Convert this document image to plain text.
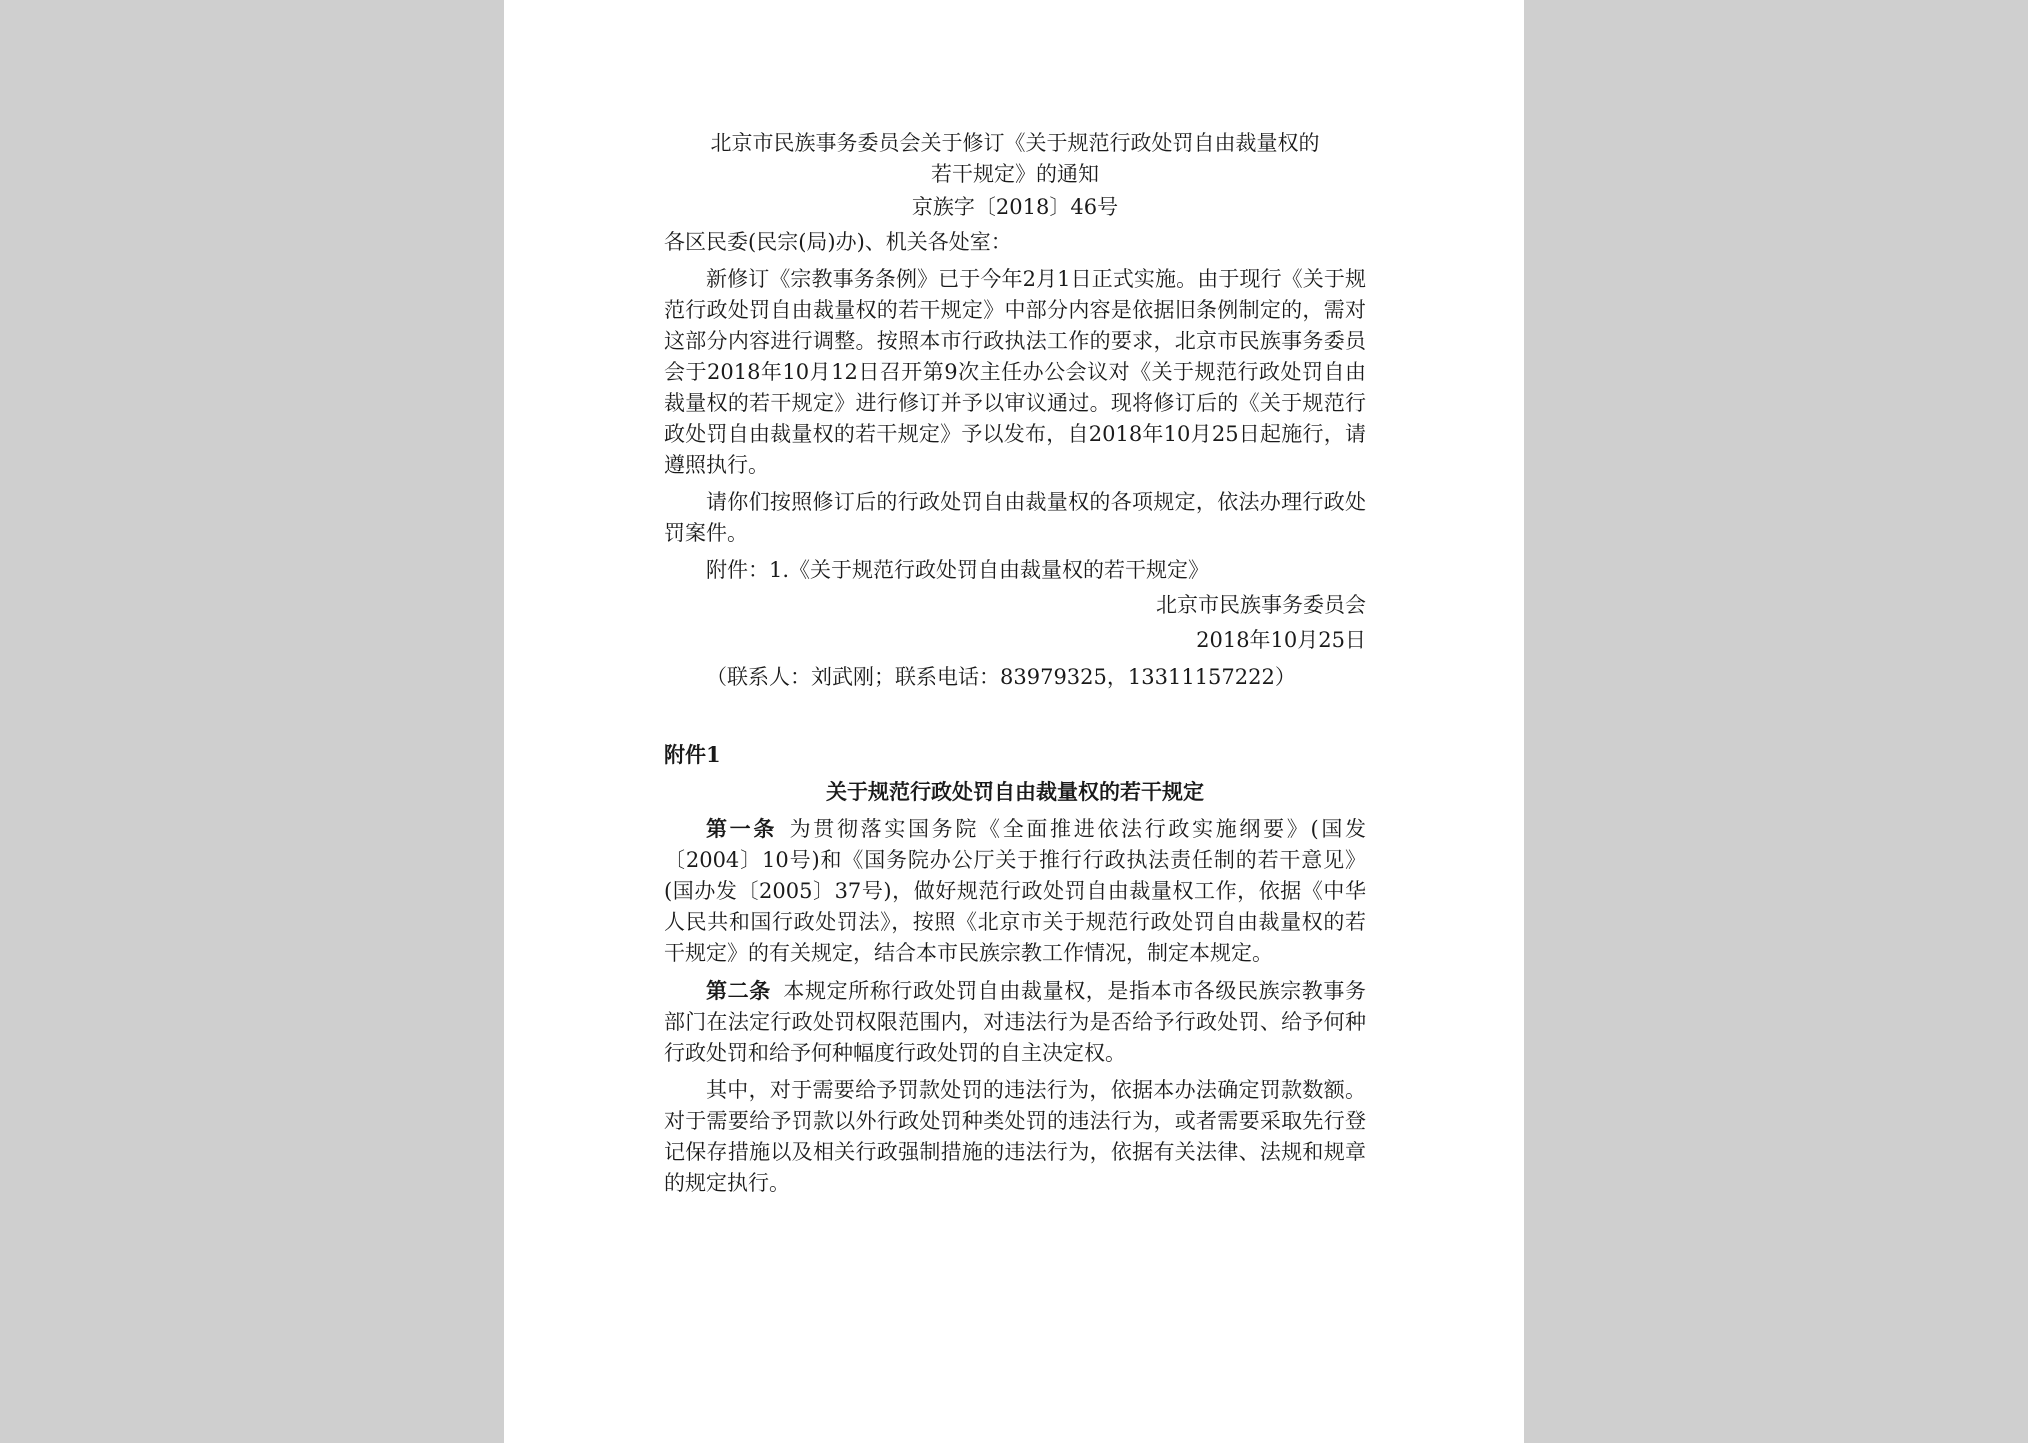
北京市民族事务委员会关于修订《关于规范行政处罚自由裁量权的
若干规定》的通知

京族字〔2018〕46号

各区民委(民宗(局)办)、机关各处室：

新修订《宗教事务条例》已于今年2月1日正式实施。由于现行《关于规范行政处罚自由裁量权的若干规定》中部分内容是依据旧条例制定的，需对这部分内容进行调整。按照本市行政执法工作的要求，北京市民族事务委员会于2018年10月12日召开第9次主任办公会议对《关于规范行政处罚自由裁量权的若干规定》进行修订并予以审议通过。现将修订后的《关于规范行政处罚自由裁量权的若干规定》予以发布，自2018年10月25日起施行，请遵照执行。

请你们按照修订后的行政处罚自由裁量权的各项规定，依法办理行政处罚案件。

附件：1.《关于规范行政处罚自由裁量权的若干规定》

北京市民族事务委员会

2018年10月25日

（联系人：刘武刚；联系电话：83979325，13311157222）

附件1

关于规范行政处罚自由裁量权的若干规定

第一条 为贯彻落实国务院《全面推进依法行政实施纲要》(国发〔2004〕10号)和《国务院办公厅关于推行行政执法责任制的若干意见》(国办发〔2005〕37号)，做好规范行政处罚自由裁量权工作，依据《中华人民共和国行政处罚法》，按照《北京市关于规范行政处罚自由裁量权的若干规定》的有关规定，结合本市民族宗教工作情况，制定本规定。

第二条 本规定所称行政处罚自由裁量权，是指本市各级民族宗教事务部门在法定行政处罚权限范围内，对违法行为是否给予行政处罚、给予何种行政处罚和给予何种幅度行政处罚的自主决定权。

其中，对于需要给予罚款处罚的违法行为，依据本办法确定罚款数额。对于需要给予罚款以外行政处罚种类处罚的违法行为，或者需要采取先行登记保存措施以及相关行政强制措施的违法行为，依据有关法律、法规和规章的规定执行。
